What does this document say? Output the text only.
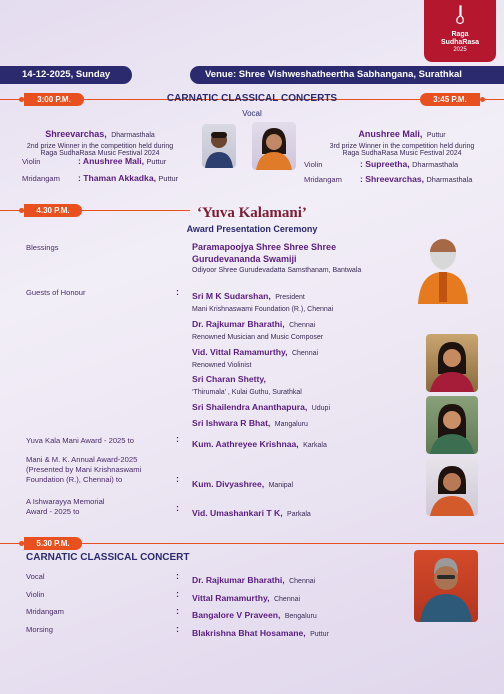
Raga
SudhaRasa
2025
14-12-2025, Sunday	Venue: Shree Vishweshatheertha Sabhangana, Surathkal
3:00 P.M.	3:45 P.M.
CARNATIC CLASSICAL CONCERTS
Vocal
Shreevarchas, Dharmasthala
2nd prize Winner in the competition held during
Raga SudhaRasa Music Festival 2024
Violin	: Anushree Mali, Puttur
Mridangam : Thaman Akkadka, Puttur
Anushree Mali, Puttur
3rd prize Winner in the competition held during
Raga SudhaRasa Music Festival 2024
Violin	: Supreetha, Dharmasthala
Mridangam : Shreevarchas, Dharmasthala
4.30 P.M.	‘Yuva Kalamani’
Award Presentation Ceremony
Blessings	Paramapoojya Shree Shree Shree
Gurudevananda Swamiji
Odiyoor Shree Gurudevadatta Samsthanam, Bantwala
Guests of Honour	: Sri M K Sudarshan, President
Mani Krishnaswami Foundation (R.), Chennai
Dr. Rajkumar Bharathi, Chennai
Renowned Musician and Music Composer
Vid. Vittal Ramamurthy, Chennai
Renowned Violinist
Sri Charan Shetty,
‘Thirumala’ , Kulai Guthu, Surathkal
Sri Shailendra Ananthapura, Udupi
Sri Ishwara R Bhat, Mangaluru
Yuva Kala Mani Award - 2025 to	: Kum. Aathreyee Krishnaa, Karkala
Mani & M. K. Annual Award-2025
(Presented by Mani Krishnaswami
Foundation (R.), Chennai) to	: Kum. Divyashree, Manipal
A Ishwarayya Memorial
Award - 2025 to	: Vid. Umashankari T K, Parkala
5.30 P.M.
CARNATIC CLASSICAL CONCERT
Vocal	: Dr. Rajkumar Bharathi, Chennai
Violin	: Vittal Ramamurthy, Chennai
Mridangam	: Bangalore V Praveen, Bengaluru
Morsing	: Blakrishna Bhat Hosamane, Puttur
